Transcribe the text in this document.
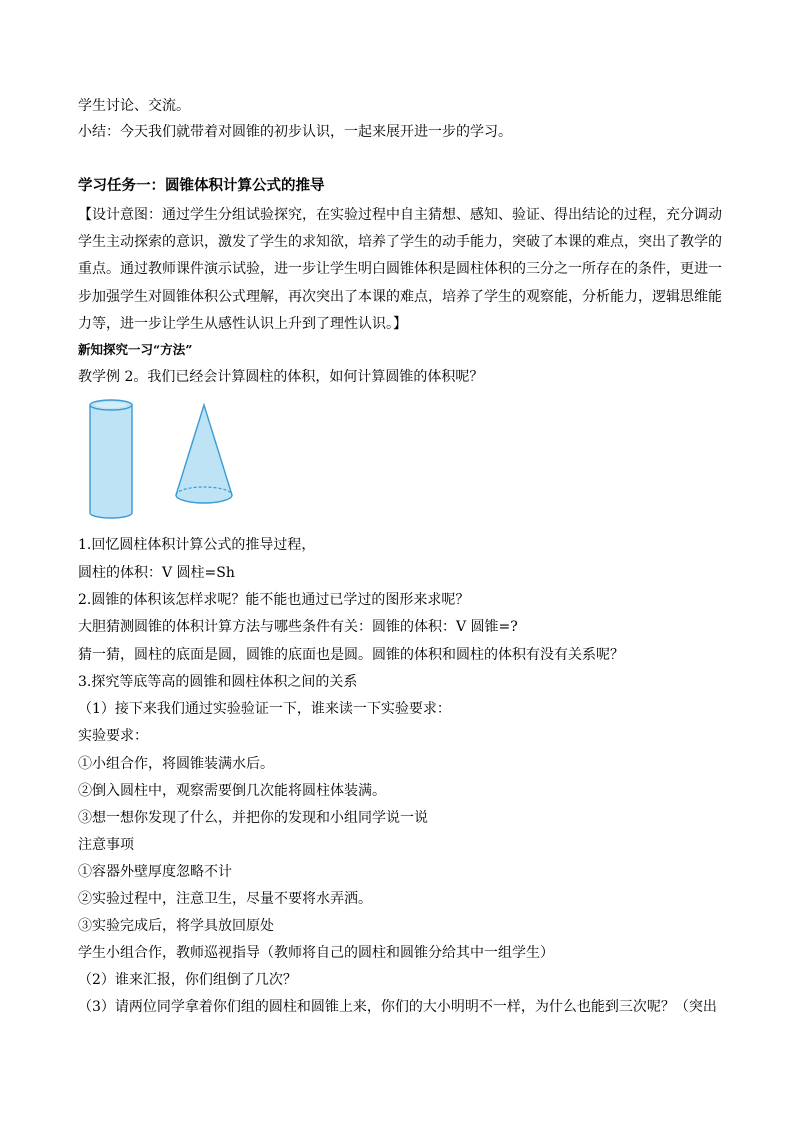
学生讨论、交流。

小结：今天我们就带着对圆锥的初步认识，一起来展开进一步的学习。

学习任务一：圆锥体积计算公式的推导

【设计意图：通过学生分组试验探究，在实验过程中自主猜想、感知、验证、得出结论的过程，充分调动

学生主动探索的意识，激发了学生的求知欲，培养了学生的动手能力，突破了本课的难点，突出了教学的

重点。通过教师课件演示试验，进一步让学生明白圆锥体积是圆柱体积的三分之一所存在的条件，更进一

步加强学生对圆锥体积公式理解，再次突出了本课的难点，培养了学生的观察能，分析能力，逻辑思维能

力等，进一步让学生从感性认识上升到了理性认识。】

新知探究一习“方法”

教学例 2。我们已经会计算圆柱的体积，如何计算圆锥的体积呢？

1.回忆圆柱体积计算公式的推导过程，

圆柱的体积：V 圆柱=Sh

2.圆锥的体积该怎样求呢？能不能也通过已学过的图形来求呢？

大胆猜测圆锥的体积计算方法与哪些条件有关：圆锥的体积：V 圆锥=?

猜一猜，圆柱的底面是圆，圆锥的底面也是圆。圆锥的体积和圆柱的体积有没有关系呢？

3.探究等底等高的圆锥和圆柱体积之间的关系

（1）接下来我们通过实验验证一下，谁来读一下实验要求：

实验要求：

①小组合作，将圆锥装满水后。

②倒入圆柱中，观察需要倒几次能将圆柱体装满。

③想一想你发现了什么，并把你的发现和小组同学说一说

注意事项

①容器外壁厚度忽略不计

②实验过程中，注意卫生，尽量不要将水弄洒。

③实验完成后，将学具放回原处

学生小组合作，教师巡视指导（教师将自己的圆柱和圆锥分给其中一组学生）

（2）谁来汇报，你们组倒了几次？

（3）请两位同学拿着你们组的圆柱和圆锥上来，你们的大小明明不一样，为什么也能到三次呢？（突出
